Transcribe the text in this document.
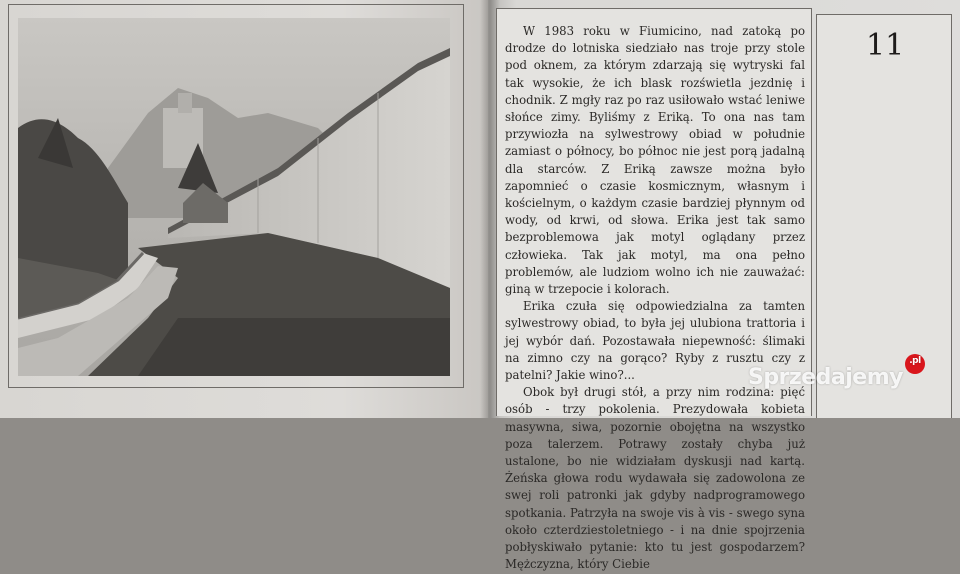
W 1983 roku w Fiumicino, nad zatoką po drodze do lotniska siedziało nas troje przy stole pod oknem, za którym zdarzają się wytryski fal tak wysokie, że ich blask rozświetla jezdnię i chodnik. Z mgły raz po raz usiłowało wstać leniwe słońce zimy. Byliśmy z Eriką. To ona nas tam przywiozła na sylwestrowy obiad w południe zamiast o północy, bo północ nie jest porą jadalną dla starców. Z Eriką zawsze można było zapomnieć o czasie kosmicznym, własnym i kościelnym, o każdym czasie bardziej płynnym od wody, od krwi, od słowa. Erika jest tak samo bezproblemowa jak motyl oglądany przez człowieka. Tak jak motyl, ma ona pełno problemów, ale ludziom wolno ich nie zauważać: giną w trzepocie i kolorach.

Erika czuła się odpowiedzialna za tamten sylwestrowy obiad, to była jej ulubiona trattoria i jej wybór dań. Pozostawała niepewność: ślimaki na zimno czy na gorąco? Ryby z rusztu czy z patelni? Jakie wino?...

Obok był drugi stół, a przy nim rodzina: pięć osób - trzy pokolenia. Prezydowała kobieta masywna, siwa, pozornie obojętna na wszystko poza talerzem. Potrawy zostały chyba już ustalone, bo nie widziałam dyskusji nad kartą. Żeńska głowa rodu wydawała się zadowolona ze swej roli patronki jak gdyby nadprogramowego spotkania. Patrzyła na swoje vis à vis - swego syna około czterdziestoletniego - i na dnie spojrzenia pobłyskiwało pytanie: kto tu jest gospodarzem? Mężczyzna, który Ciebie

11
Sprzedajemy
.pl
